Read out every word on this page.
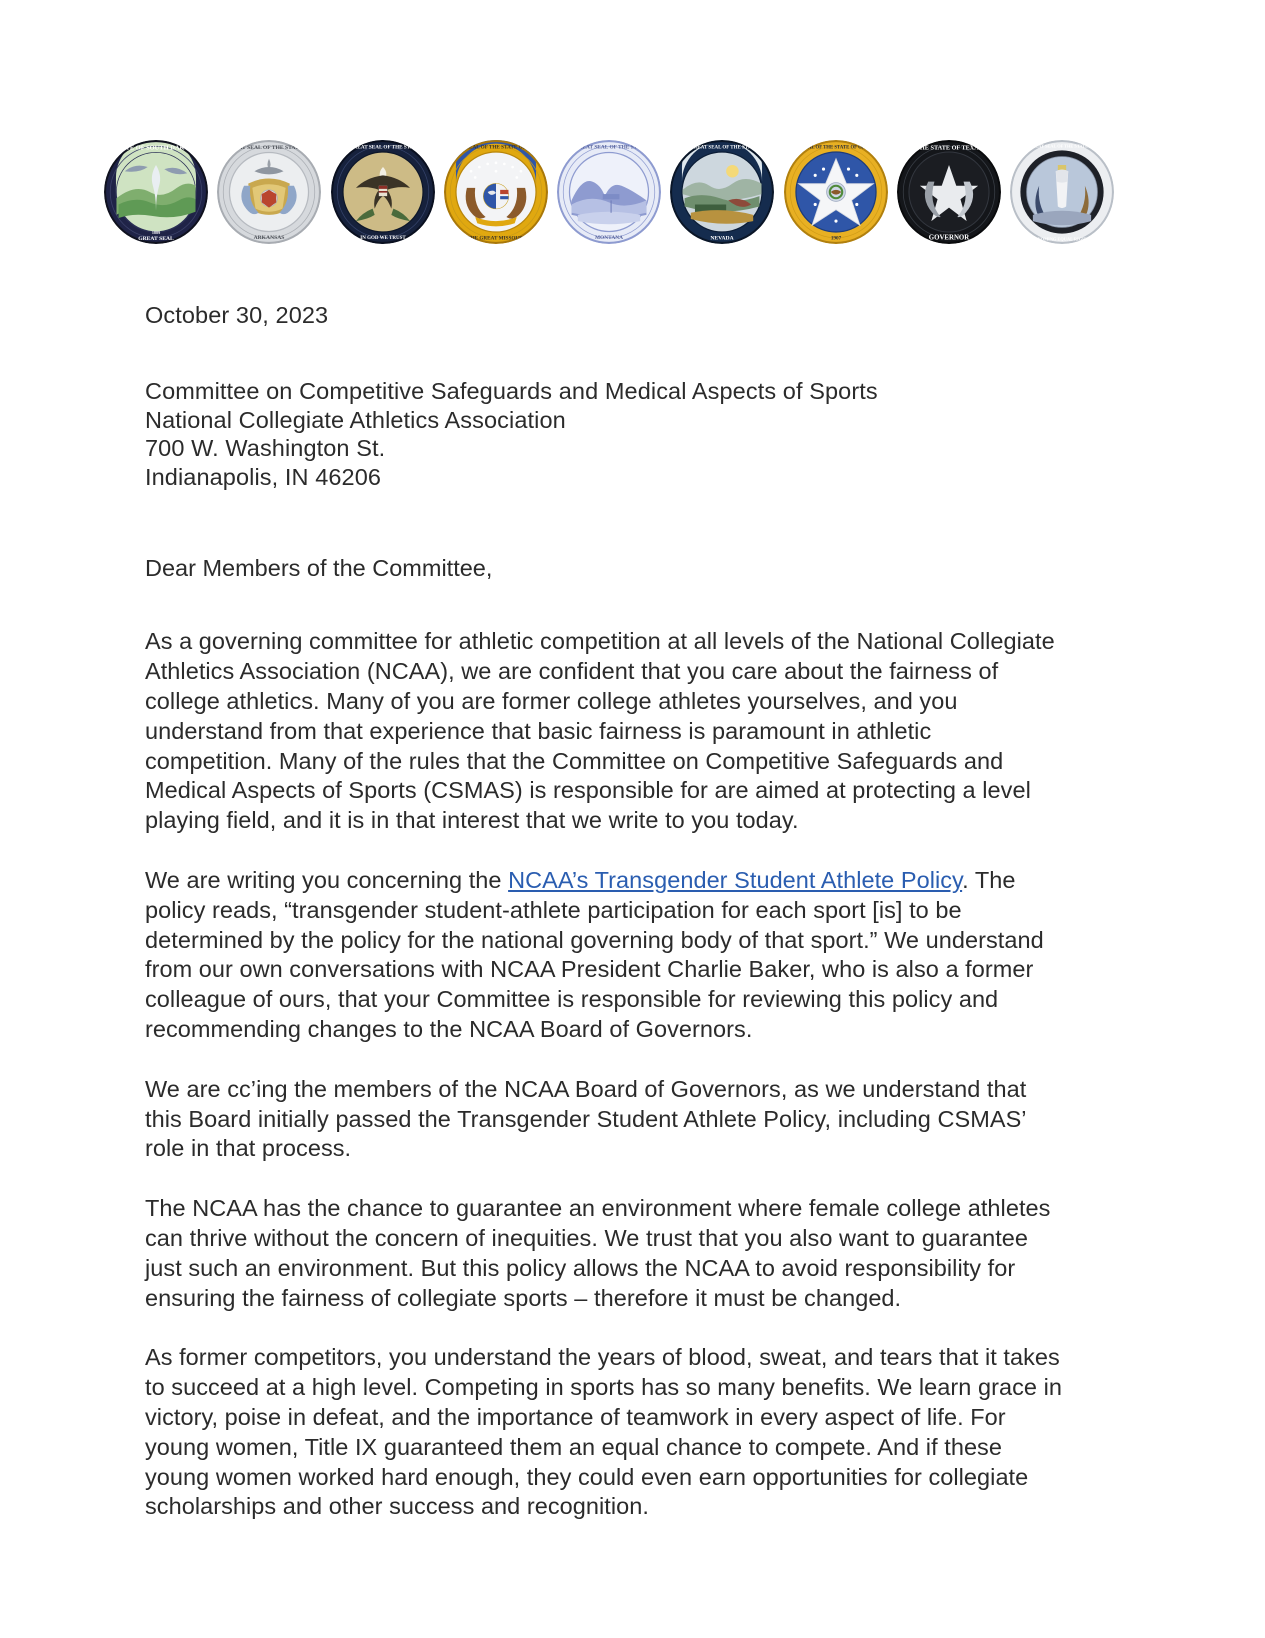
STATE OF SOUTH DAKOTA
GREAT SEAL
1889
GREAT SEAL OF THE STATE OF
ARKANSAS
THE GREAT SEAL OF THE STATE OF
IN GOD WE TRUST
SEAL OF THE STATE OF
THE GREAT MISSOURI
THE GREAT SEAL OF THE STATE OF
MONTANA
THE GREAT SEAL OF THE STATE OF
NEVADA
GREAT SEAL OF THE STATE OF OKLAHOMA
1907
THE STATE OF TEXAS
GOVERNOR
GREAT SEAL OF THE STATE OF
WYOMING EQUAL RIGHTS
October 30, 2023
Committee on Competitive Safeguards and Medical Aspects of Sports
National Collegiate Athletics Association
700 W. Washington St.
Indianapolis, IN 46206
Dear Members of the Committee,

As a governing committee for athletic competition at all levels of the National Collegiate Athletics Association (NCAA), we are confident that you care about the fairness of college athletics. Many of you are former college athletes yourselves, and you understand from that experience that basic fairness is paramount in athletic competition. Many of the rules that the Committee on Competitive Safeguards and Medical Aspects of Sports (CSMAS) is responsible for are aimed at protecting a level playing field, and it is in that interest that we write to you today.

We are writing you concerning the NCAA’s Transgender Student Athlete Policy. The policy reads, “transgender student-athlete participation for each sport [is] to be determined by the policy for the national governing body of that sport.” We understand from our own conversations with NCAA President Charlie Baker, who is also a former colleague of ours, that your Committee is responsible for reviewing this policy and recommending changes to the NCAA Board of Governors.

We are cc’ing the members of the NCAA Board of Governors, as we understand that this Board initially passed the Transgender Student Athlete Policy, including CSMAS’ role in that process.

The NCAA has the chance to guarantee an environment where female college athletes can thrive without the concern of inequities. We trust that you also want to guarantee just such an environment. But this policy allows the NCAA to avoid responsibility for ensuring the fairness of collegiate sports – therefore it must be changed.

As former competitors, you understand the years of blood, sweat, and tears that it takes to succeed at a high level. Competing in sports has so many benefits. We learn grace in victory, poise in defeat, and the importance of teamwork in every aspect of life. For young women, Title IX guaranteed them an equal chance to compete. And if these young women worked hard enough, they could even earn opportunities for collegiate scholarships and other success and recognition.
